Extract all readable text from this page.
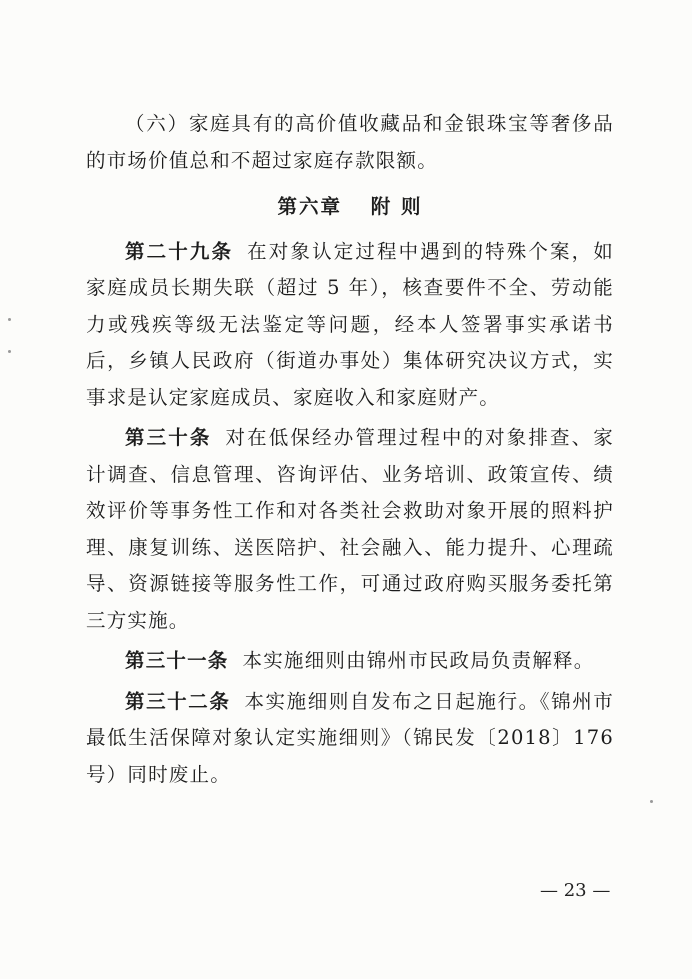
（六）家庭具有的高价值收藏品和金银珠宝等奢侈品的市场价值总和不超过家庭存款限额。

第六章 附 则

第二十九条 在对象认定过程中遇到的特殊个案，如家庭成员长期失联（超过 5 年），核查要件不全、劳动能力或残疾等级无法鉴定等问题，经本人签署事实承诺书后，乡镇人民政府（街道办事处）集体研究决议方式，实事求是认定家庭成员、家庭收入和家庭财产。

第三十条 对在低保经办管理过程中的对象排查、家计调查、信息管理、咨询评估、业务培训、政策宣传、绩效评价等事务性工作和对各类社会救助对象开展的照料护理、康复训练、送医陪护、社会融入、能力提升、心理疏导、资源链接等服务性工作，可通过政府购买服务委托第三方实施。

第三十一条 本实施细则由锦州市民政局负责解释。

第三十二条 本实施细则自发布之日起施行。《锦州市最低生活保障对象认定实施细则》（锦民发〔2018〕176 号）同时废止。

— 23 —
